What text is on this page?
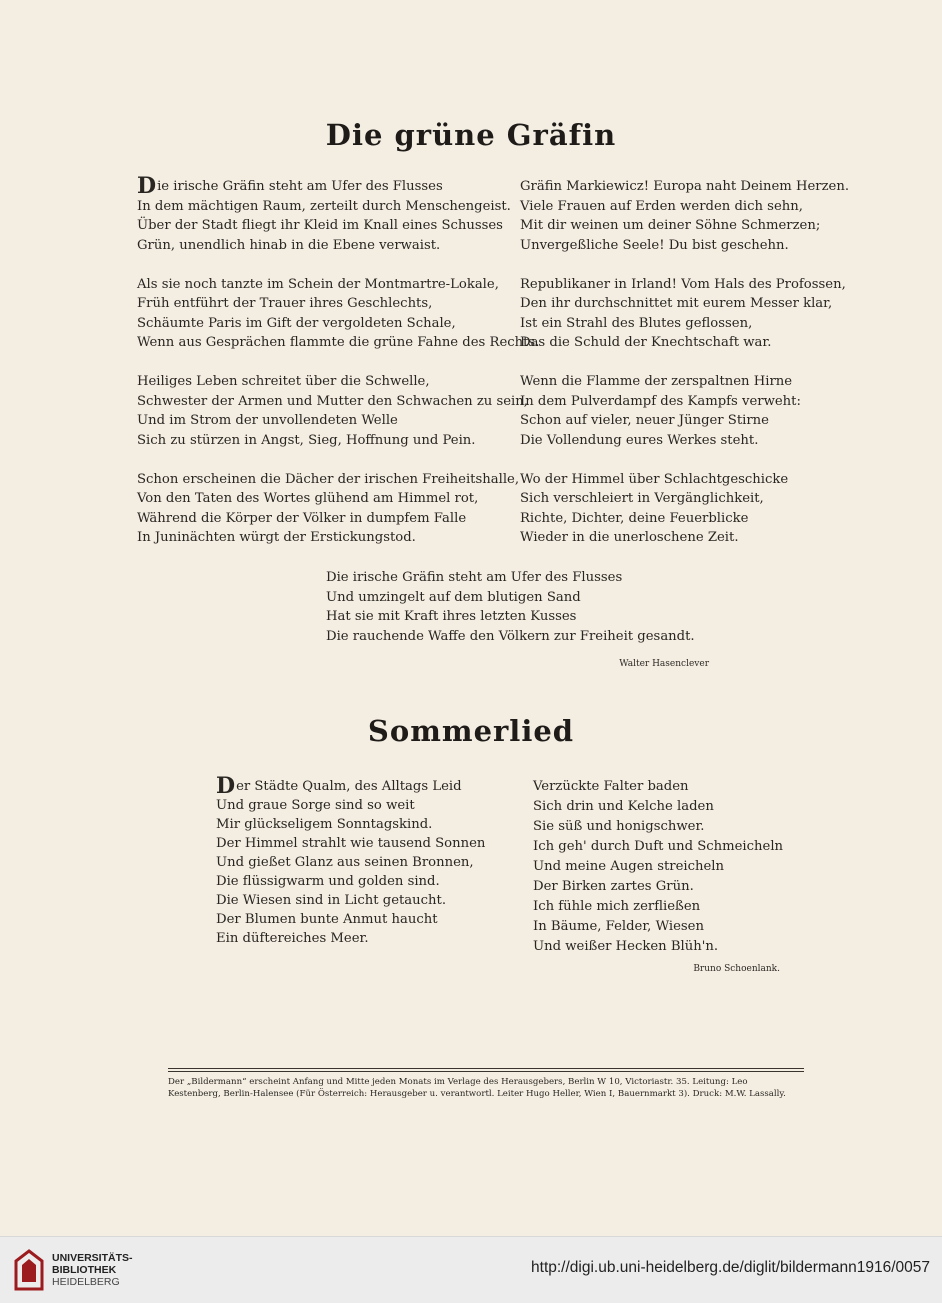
Die grüne Gräfin
Die irische Gräfin steht am Ufer des Flusses
In dem mächtigen Raum, zerteilt durch Menschengeist.
Über der Stadt fliegt ihr Kleid im Knall eines Schusses
Grün, unendlich hinab in die Ebene verwaist.
Als sie noch tanzte im Schein der Montmartre-Lokale,
Früh entführt der Trauer ihres Geschlechts,
Schäumte Paris im Gift der vergoldeten Schale,
Wenn aus Gesprächen flammte die grüne Fahne des Rechts.
Heiliges Leben schreitet über die Schwelle,
Schwester der Armen und Mutter den Schwachen zu sein,
Und im Strom der unvollendeten Welle
Sich zu stürzen in Angst, Sieg, Hoffnung und Pein.
Schon erscheinen die Dächer der irischen Freiheitshalle,
Von den Taten des Wortes glühend am Himmel rot,
Während die Körper der Völker in dumpfem Falle
In Juninächten würgt der Erstickungstod.
Gräfin Markiewicz! Europa naht Deinem Herzen.
Viele Frauen auf Erden werden dich sehn,
Mit dir weinen um deiner Söhne Schmerzen;
Unvergeßliche Seele! Du bist geschehn.
Republikaner in Irland! Vom Hals des Profossen,
Den ihr durchschnittet mit eurem Messer klar,
Ist ein Strahl des Blutes geflossen,
Das die Schuld der Knechtschaft war.
Wenn die Flamme der zerspaltnen Hirne
In dem Pulverdampf des Kampfs verweht:
Schon auf vieler, neuer Jünger Stirne
Die Vollendung eures Werkes steht.
Wo der Himmel über Schlachtgeschicke
Sich verschleiert in Vergänglichkeit,
Richte, Dichter, deine Feuerblicke
Wieder in die unerloschene Zeit.
Die irische Gräfin steht am Ufer des Flusses
Und umzingelt auf dem blutigen Sand
Hat sie mit Kraft ihres letzten Kusses
Die rauchende Waffe den Völkern zur Freiheit gesandt.
Walter Hasenclever
Sommerlied
Der Städte Qualm, des Alltags Leid
Und graue Sorge sind so weit
Mir glückseligem Sonntagskind.
Der Himmel strahlt wie tausend Sonnen
Und gießet Glanz aus seinen Bronnen,
Die flüssigwarm und golden sind.
Die Wiesen sind in Licht getaucht.
Der Blumen bunte Anmut haucht
Ein düftereiches Meer.
Verzückte Falter baden
Sich drin und Kelche laden
Sie süß und honigschwer.
Ich geh' durch Duft und Schmeicheln
Und meine Augen streicheln
Der Birken zartes Grün.
Ich fühle mich zerfließen
In Bäume, Felder, Wiesen
Und weißer Hecken Blüh'n.
Bruno Schoenlank.
Der „Bildermann“ erscheint Anfang und Mitte jeden Monats im Verlage des Herausgebers, Berlin W 10, Victoriastr. 35. Leitung: Leo
Kestenberg, Berlin-Halensee (Für Österreich: Herausgeber u. verantwortl. Leiter Hugo Heller, Wien I, Bauernmarkt 3). Druck: M.W. Lassally.
UNIVERSITÄTS-
BIBLIOTHEK
HEIDELBERG
http://digi.ub.uni-heidelberg.de/diglit/bildermann1916/0057
